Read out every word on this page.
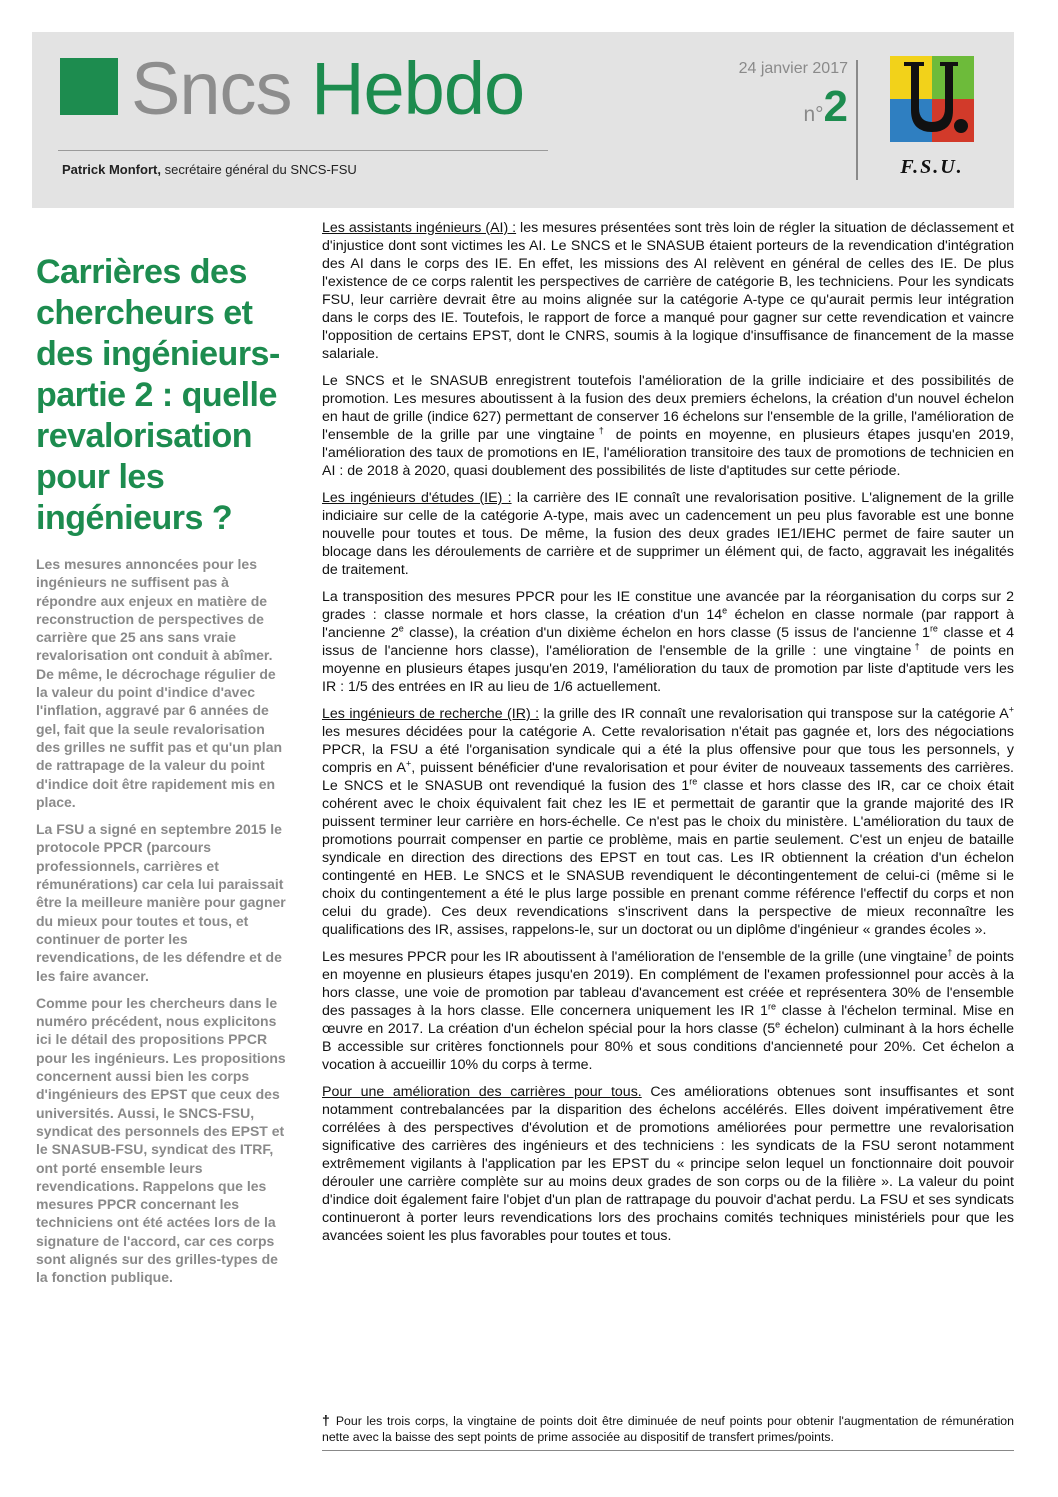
Sncs Hebdo	24 janvier 2017
n°2
Patrick Monfort, secrétaire général du SNCS-FSU	F.S.U.
Carrières des chercheurs et des ingénieurs-partie 2 : quelle revalorisation pour les ingénieurs ?

Les mesures annoncées pour les ingénieurs ne suffisent pas à répondre aux enjeux en matière de reconstruction de perspectives de carrière que 25 ans sans vraie revalorisation ont conduit à abîmer. De même, le décrochage régulier de la valeur du point d'indice d'avec l'inflation, aggravé par 6 années de gel, fait que la seule revalorisation des grilles ne suffit pas et qu'un plan de rattrapage de la valeur du point d'indice doit être rapidement mis en place.

La FSU a signé en septembre 2015 le protocole PPCR (parcours professionnels, carrières et rémunérations) car cela lui paraissait être la meilleure manière pour gagner du mieux pour toutes et tous, et continuer de porter les revendications, de les défendre et de les faire avancer.

Comme pour les chercheurs dans le numéro précédent, nous explicitons ici le détail des propositions PPCR pour les ingénieurs. Les propositions concernent aussi bien les corps d'ingénieurs des EPST que ceux des universités. Aussi, le SNCS-FSU, syndicat des personnels des EPST et le SNASUB-FSU, syndicat des ITRF, ont porté ensemble leurs revendications. Rappelons que les mesures PPCR concernant les techniciens ont été actées lors de la signature de l'accord, car ces corps sont alignés sur des grilles-types de la fonction publique.

Les assistants ingénieurs (AI) : les mesures présentées sont très loin de régler la situation de déclassement et d'injustice dont sont victimes les AI. Le SNCS et le SNASUB étaient porteurs de la revendication d'intégration des AI dans le corps des IE. En effet, les missions des AI relèvent en général de celles des IE. De plus l'existence de ce corps ralentit les perspectives de carrière de catégorie B, les techniciens. Pour les syndicats FSU, leur carrière devrait être au moins alignée sur la catégorie A-type ce qu'aurait permis leur intégration dans le corps des IE. Toutefois, le rapport de force a manqué pour gagner sur cette revendication et vaincre l'opposition de certains EPST, dont le CNRS, soumis à la logique d'insuffisance de financement de la masse salariale.

Le SNCS et le SNASUB enregistrent toutefois l'amélioration de la grille indiciaire et des possibilités de promotion. Les mesures aboutissent à la fusion des deux premiers échelons, la création d'un nouvel échelon en haut de grille (indice 627) permettant de conserver 16 échelons sur l'ensemble de la grille, l'amélioration de l'ensemble de la grille par une vingtaine† de points en moyenne, en plusieurs étapes jusqu'en 2019, l'amélioration des taux de promotions en IE, l'amélioration transitoire des taux de promotions de technicien en AI : de 2018 à 2020, quasi doublement des possibilités de liste d'aptitudes sur cette période.

Les ingénieurs d'études (IE) : la carrière des IE connaît une revalorisation positive. L'alignement de la grille indiciaire sur celle de la catégorie A-type, mais avec un cadencement un peu plus favorable est une bonne nouvelle pour toutes et tous. De même, la fusion des deux grades IE1/IEHC permet de faire sauter un blocage dans les déroulements de carrière et de supprimer un élément qui, de facto, aggravait les inégalités de traitement.

La transposition des mesures PPCR pour les IE constitue une avancée par la réorganisation du corps sur 2 grades : classe normale et hors classe, la création d'un 14e échelon en classe normale (par rapport à l'ancienne 2e classe), la création d'un dixième échelon en hors classe (5 issus de l'ancienne 1re classe et 4 issus de l'ancienne hors classe), l'amélioration de l'ensemble de la grille : une vingtaine† de points en moyenne en plusieurs étapes jusqu'en 2019, l'amélioration du taux de promotion par liste d'aptitude vers les IR : 1/5 des entrées en IR au lieu de 1/6 actuellement.

Les ingénieurs de recherche (IR) : la grille des IR connaît une revalorisation qui transpose sur la catégorie A+ les mesures décidées pour la catégorie A. Cette revalorisation n'était pas gagnée et, lors des négociations PPCR, la FSU a été l'organisation syndicale qui a été la plus offensive pour que tous les personnels, y compris en A+, puissent bénéficier d'une revalorisation et pour éviter de nouveaux tassements des carrières. Le SNCS et le SNASUB ont revendiqué la fusion des 1re classe et hors classe des IR, car ce choix était cohérent avec le choix équivalent fait chez les IE et permettait de garantir que la grande majorité des IR puissent terminer leur carrière en hors-échelle. Ce n'est pas le choix du ministère. L'amélioration du taux de promotions pourrait compenser en partie ce problème, mais en partie seulement. C'est un enjeu de bataille syndicale en direction des directions des EPST en tout cas. Les IR obtiennent la création d'un échelon contingenté en HEB. Le SNCS et le SNASUB revendiquent le décontingentement de celui-ci (même si le choix du contingentement a été le plus large possible en prenant comme référence l'effectif du corps et non celui du grade). Ces deux revendications s'inscrivent dans la perspective de mieux reconnaître les qualifications des IR, assises, rappelons-le, sur un doctorat ou un diplôme d'ingénieur « grandes écoles ».

Les mesures PPCR pour les IR aboutissent à l'amélioration de l'ensemble de la grille (une vingtaine† de points en moyenne en plusieurs étapes jusqu'en 2019). En complément de l'examen professionnel pour accès à la hors classe, une voie de promotion par tableau d'avancement est créée et représentera 30% de l'ensemble des passages à la hors classe. Elle concernera uniquement les IR 1re classe à l'échelon terminal. Mise en œuvre en 2017. La création d'un échelon spécial pour la hors classe (5e échelon) culminant à la hors échelle B accessible sur critères fonctionnels pour 80% et sous conditions d'ancienneté pour 20%. Cet échelon a vocation à accueillir 10% du corps à terme.

Pour une amélioration des carrières pour tous. Ces améliorations obtenues sont insuffisantes et sont notamment contrebalancées par la disparition des échelons accélérés. Elles doivent impérativement être corrélées à des perspectives d'évolution et de promotions améliorées pour permettre une revalorisation significative des carrières des ingénieurs et des techniciens : les syndicats de la FSU seront notamment extrêmement vigilants à l'application par les EPST du « principe selon lequel un fonctionnaire doit pouvoir dérouler une carrière complète sur au moins deux grades de son corps ou de la filière ». La valeur du point d'indice doit également faire l'objet d'un plan de rattrapage du pouvoir d'achat perdu. La FSU et ses syndicats continueront à porter leurs revendications lors des prochains comités techniques ministériels pour que les avancées soient les plus favorables pour toutes et tous.

† Pour les trois corps, la vingtaine de points doit être diminuée de neuf points pour obtenir l'augmentation de rémunération nette avec la baisse des sept points de prime associée au dispositif de transfert primes/points.
